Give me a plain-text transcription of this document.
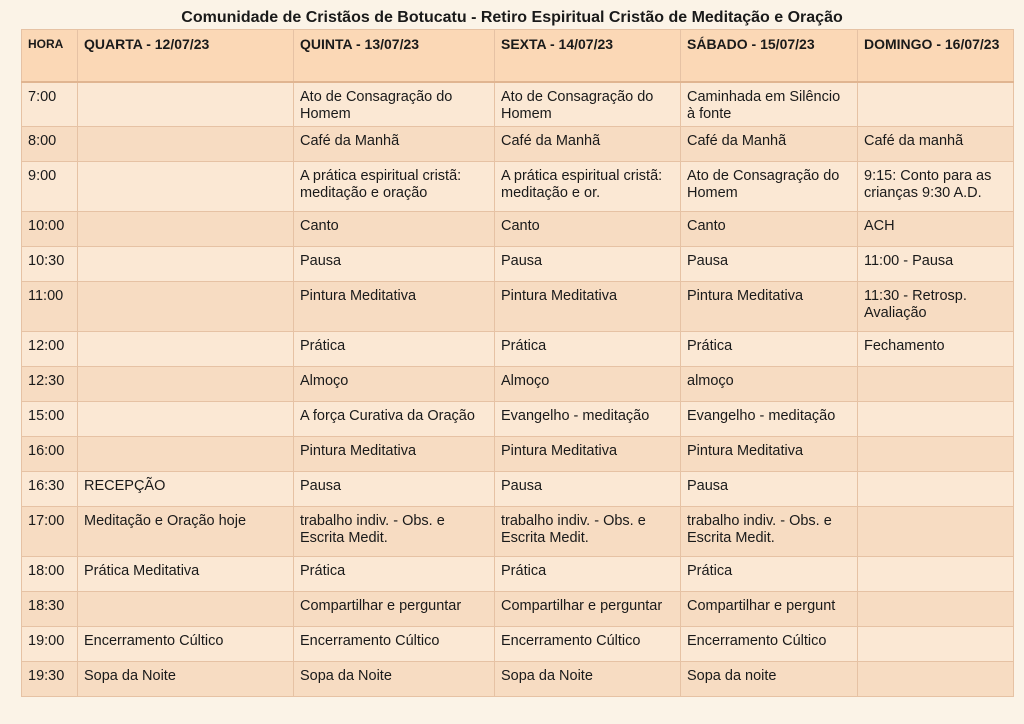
Comunidade de Cristãos de Botucatu - Retiro Espiritual Cristão de Meditação e Oração
HORA	QUARTA - 12/07/23	QUINTA - 13/07/23	SEXTA - 14/07/23	SÁBADO - 15/07/23	DOMINGO - 16/07/23
7:00		Ato de Consagração do Homem	Ato de Consagração do Homem	Caminhada em Silêncio à fonte	
8:00		Café da Manhã	Café da Manhã	Café da Manhã	Café da manhã
9:00		A prática espiritual cristã: meditação e oração	A prática espiritual cristã: meditação e or.	Ato de Consagração do Homem	9:15: Conto para as crianças 9:30 A.D.
10:00		Canto	Canto	Canto	ACH
10:30		Pausa	Pausa	Pausa	11:00 - Pausa
11:00		Pintura Meditativa	Pintura Meditativa	Pintura Meditativa	11:30 - Retrosp. Avaliação
12:00		Prática	Prática	Prática	Fechamento
12:30		Almoço	Almoço	almoço	
15:00		A força Curativa da Oração	Evangelho - meditação	Evangelho - meditação	
16:00		Pintura Meditativa	Pintura Meditativa	Pintura Meditativa	
16:30	RECEPÇÃO	Pausa	Pausa	Pausa	
17:00	Meditação e Oração hoje	trabalho indiv. - Obs. e Escrita Medit.	trabalho indiv. - Obs. e Escrita Medit.	trabalho indiv. - Obs. e Escrita Medit.	
18:00	Prática Meditativa	Prática	Prática	Prática	
18:30		Compartilhar e perguntar	Compartilhar e perguntar	Compartilhar e pergunt	
19:00	Encerramento Cúltico	Encerramento Cúltico	Encerramento Cúltico	Encerramento Cúltico	
19:30	Sopa da Noite	Sopa da Noite	Sopa da Noite	Sopa da noite	
